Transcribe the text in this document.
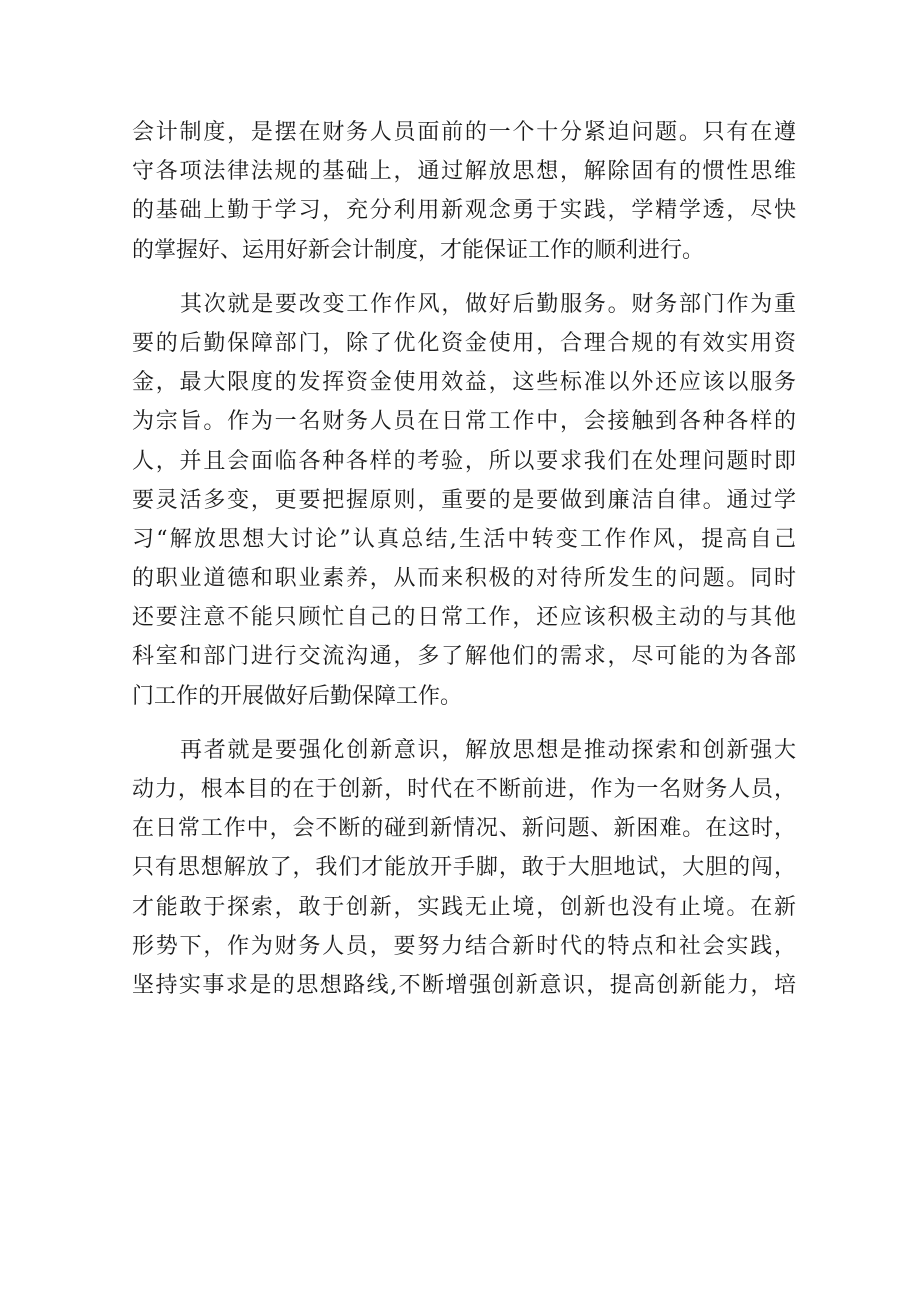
会计制度，是摆在财务人员面前的一个十分紧迫问题。只有在遵
守各项法律法规的基础上，通过解放思想，解除固有的惯性思维
的基础上勤于学习，充分利用新观念勇于实践，学精学透，尽快
的掌握好、运用好新会计制度，才能保证工作的顺利进行。
其次就是要改变工作作风，做好后勤服务。财务部门作为重
要的后勤保障部门，除了优化资金使用，合理合规的有效实用资
金，最大限度的发挥资金使用效益，这些标准以外还应该以服务
为宗旨。作为一名财务人员在日常工作中，会接触到各种各样的
人，并且会面临各种各样的考验，所以要求我们在处理问题时即
要灵活多变，更要把握原则，重要的是要做到廉洁自律。通过学
习“解放思想大讨论”认真总结,生活中转变工作作风，提高自己
的职业道德和职业素养，从而来积极的对待所发生的问题。同时
还要注意不能只顾忙自己的日常工作，还应该积极主动的与其他
科室和部门进行交流沟通，多了解他们的需求，尽可能的为各部
门工作的开展做好后勤保障工作。
再者就是要强化创新意识，解放思想是推动探索和创新强大
动力，根本目的在于创新，时代在不断前进，作为一名财务人员，
在日常工作中，会不断的碰到新情况、新问题、新困难。在这时，
只有思想解放了，我们才能放开手脚，敢于大胆地试，大胆的闯，
才能敢于探索，敢于创新，实践无止境，创新也没有止境。在新
形势下，作为财务人员，要努力结合新时代的特点和社会实践，
坚持实事求是的思想路线,不断增强创新意识，提高创新能力，培
